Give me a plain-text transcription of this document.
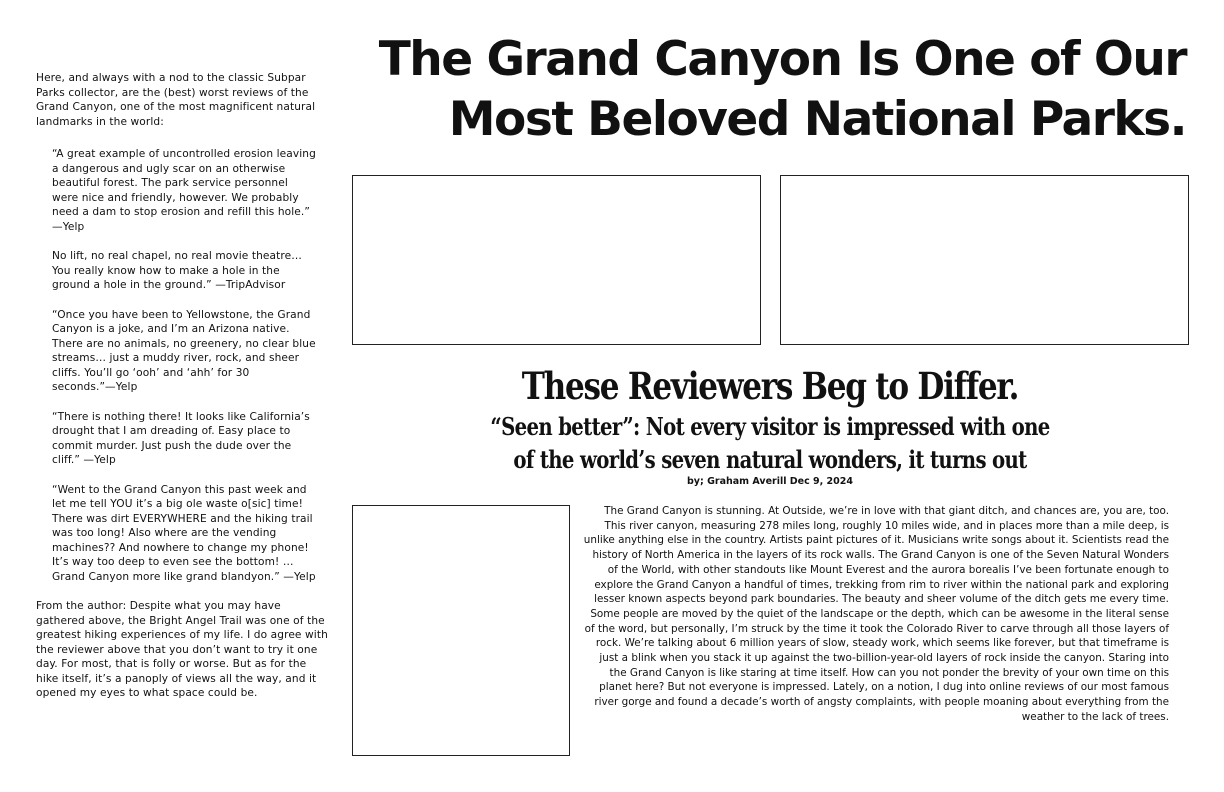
Here, and always with a nod to the classic Subpar Parks collector, are the (best) worst reviews of the Grand Canyon, one of the most magnificent natural landmarks in the world:

“A great example of uncontrolled erosion leaving a dangerous and ugly scar on an otherwise beautiful forest. The park service personnel were nice and friendly, however. We probably need a dam to stop erosion and refill this hole.” —Yelp

No lift, no real chapel, no real movie theatre… You really know how to make a hole in the ground a hole in the ground.” —TripAdvisor

“Once you have been to Yellowstone, the Grand Canyon is a joke, and I’m an Arizona native. There are no animals, no greenery, no clear blue streams… just a muddy river, rock, and sheer cliffs. You’ll go ‘ooh’ and ‘ahh’ for 30 seconds.”—Yelp

“There is nothing there! It looks like California’s drought that I am dreading of. Easy place to commit murder. Just push the dude over the cliff.” —Yelp

“Went to the Grand Canyon this past week and let me tell YOU it’s a big ole waste o[sic] time! There was dirt EVERYWHERE and the hiking trail was too long! Also where are the vending machines?? And nowhere to change my phone! It’s way too deep to even see the bottom! …Grand Canyon more like grand blandyon.” —Yelp

From the author: Despite what you may have gathered above, the Bright Angel Trail was one of the greatest hiking experiences of my life. I do agree with the reviewer above that you don’t want to try it one day. For most, that is folly or worse. But as for the hike itself, it’s a panoply of views all the way, and it opened my eyes to what space could be.

The Grand Canyon Is One of Our Most Beloved National Parks.
These Reviewers Beg to Differ.

“Seen better”: Not every visitor is impressed with one of the world’s seven natural wonders, it turns out

by; Graham Averill Dec 9, 2024

The Grand Canyon is stunning. At Outside, we’re in love with that giant ditch, and chances are, you are, too. This river canyon, measuring 278 miles long, roughly 10 miles wide, and in places more than a mile deep, is unlike anything else in the country. Artists paint pictures of it. Musicians write songs about it. Scientists read the history of North America in the layers of its rock walls. The Grand Canyon is one of the Seven Natural Wonders of the World, with other standouts like Mount Everest and the aurora borealis I’ve been fortunate enough to explore the Grand Canyon a handful of times, trekking from rim to river within the national park and exploring lesser known aspects beyond park boundaries. The beauty and sheer volume of the ditch gets me every time. Some people are moved by the quiet of the landscape or the depth, which can be awesome in the literal sense of the word, but personally, I’m struck by the time it took the Colorado River to carve through all those layers of rock. We’re talking about 6 million years of slow, steady work, which seems like forever, but that timeframe is just a blink when you stack it up against the two-billion-year-old layers of rock inside the canyon. Staring into the Grand Canyon is like staring at time itself. How can you not ponder the brevity of your own time on this planet here? But not everyone is impressed. Lately, on a notion, I dug into online reviews of our most famous river gorge and found a decade’s worth of angsty complaints, with people moaning about everything from the weather to the lack of trees.
